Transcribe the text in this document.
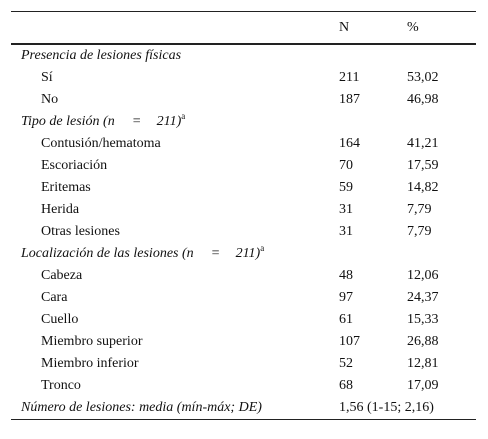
N	%
Presencia de lesiones físicas
Sí	211	53,02
No	187	46,98
Tipo de lesión (n = 211)$^a$
Contusión/hematoma	164	41,21
Escoriación	70	17,59
Eritemas	59	14,82
Herida	31	7,79
Otras lesiones	31	7,79
Localización de las lesiones (n = 211)$^a$
Cabeza	48	12,06
Cara	97	24,37
Cuello	61	15,33
Miembro superior	107	26,88
Miembro inferior	52	12,81
Tronco	68	17,09
Número de lesiones: media (mín-máx; DE)	1,56 (1-15; 2,16)
